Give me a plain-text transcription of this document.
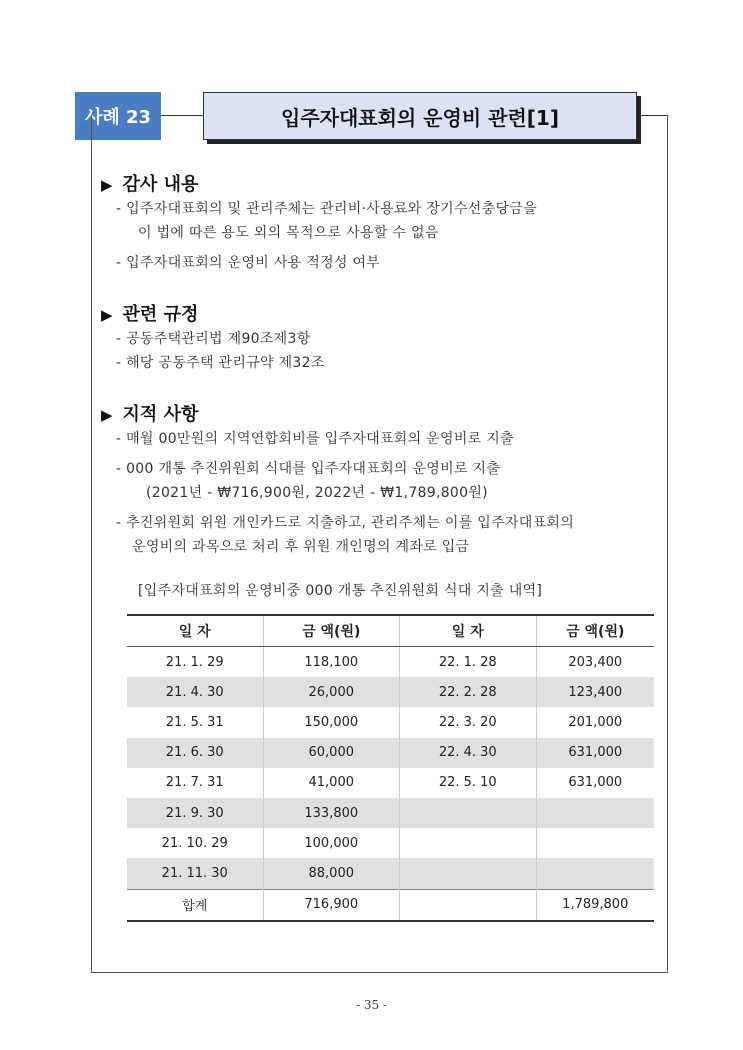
사례 23	입주자대표회의 운영비 관련[1]
▶ 감사 내용
- 입주자대표회의 및 관리주체는 관리비·사용료와 장기수선충당금을
이 법에 따른 용도 외의 목적으로 사용할 수 없음
- 입주자대표회의 운영비 사용 적정성 여부
▶ 관련 규정
- 공동주택관리법 제90조제3항
- 해당 공동주택 관리규약 제32조
▶ 지적 사항
- 매월 00만원의 지역연합회비를 입주자대표회의 운영비로 지출
- 000 개통 추진위원회 식대를 입주자대표회의 운영비로 지출
(2021년 - ₩716,900원, 2022년 - ₩1,789,800원)
- 추진위원회 위원 개인카드로 지출하고, 관리주체는 이를 입주자대표회의
운영비의 과목으로 처리 후 위원 개인명의 계좌로 입금
[입주자대표회의 운영비중 000 개통 추진위원회 식대 지출 내역]
일 자	금 액(원)	일 자	금 액(원)
21. 1. 29	118,100	22. 1. 28	203,400
21. 4. 30	26,000	22. 2. 28	123,400
21. 5. 31	150,000	22. 3. 20	201,000
21. 6. 30	60,000	22. 4. 30	631,000
21. 7. 31	41,000	22. 5. 10	631,000
21. 9. 30	133,800		
21. 10. 29	100,000		
21. 11. 30	88,000		
합계	716,900		1,789,800
- 35 -
